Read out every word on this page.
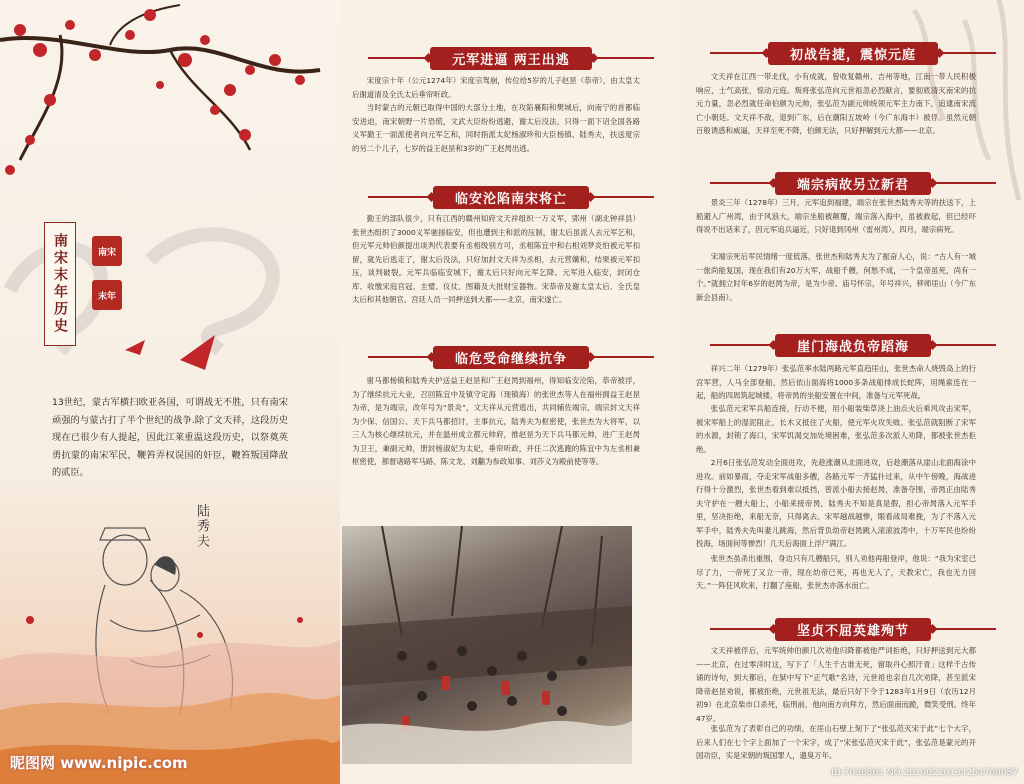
南宋末年历史	南宋
末年

13世纪，蒙古军横扫欧亚各国，可谓战无不胜，只有南宋顽强的与蒙古打了半个世纪的战争.除了文天祥，这段历史现在已很少有人提起，因此江莱重温这段历史，以祭奠英勇抗蒙的南宋军民，鞭笞弄权误国的奸臣，鞭笞叛国降敌的贰臣。

陆秀夫
昵图网 www.nipic.com
元军进逼 两王出逃

宋度宗十年（公元1274年）宋度宗驾崩，传位给5岁的儿子赵昰（恭帝），由太皇太后谢道清及全氏太后垂帘听政。

当时蒙古的元朝已取得中国的大部分土地，在攻陷襄阳和樊城后，向南宁的首都临安进迫，南宋朝野一片恐慌，文武大臣纷纷逃避，谢太后没法，只得一面下诏全国各路义军勤王一面派使者向元军乞和，同时指派太妃杨淑珍和大臣杨镇、陆秀夫，扶送度宗的另二个儿子，七岁的益王赵昰和3岁的广王赵昺出逃。

临安沦陷南宋将亡

勤王的部队很少，只有江西的赣州知府文天祥组织一万义军，郢州（湖北钟祥县）张世杰组织了3000义军驰援临安，但也遭到主和派的压制，谢太后虽派人去元军乞和，但元军元帅伯颜提出谈判代表要有丞相级别方可，丞相陈宜中和右相刘梦炎怕被元军扣留，就先后逃走了，谢太后没法，只好加封文天祥为丞相，去元营媾和，结果被元军扣压，谈判破裂。元军兵临临安城下，谢太后只好向元军乞降。元军进入临安，封闭仓库、收缴宋庭宫冠、圭璧、仪仗、图籍及大批财宝器物。宋恭帝及谢太皇太后、全氏皇太后和其他朝官、宫廷人员一同押送到大都——北京，南宋遂亡。

临危受命继续抗争

驸马都杨镇和陆秀夫护送益王赵昰和广王赵昺到福州，得知临安沦陷，恭帝被浮，为了继续抗元大业，召回陈宜中及镇守定海（现镇海）的张世杰等人在福州拥益王赵昰为帝，是为端宗，改年号为“景炎”，文天祥从元营逃出，共同辅佐端宗，端宗封文天祥为少保、信国公、天下兵马都招讨，主事抗元，陆秀夫为枢密使，张世杰为大将军，以三人为核心继续抗元，并在温州成立都元帅府，推赵昰为天下兵马都元帅，进广王赵昺为卫王，兼副元帅，册封杨淑妃为太妃，垂帘听政，并任二次逃跑的陈宜中为左丞相兼枢密使，都督诸路军马路、陈文龙、刘黼为参政知事、刘莎义为殿前使等等。

初战告捷，震惊元庭

文天祥在江西一带北伐，小有成就，曾收复赣州、吉州等地，江南一带人民积极响应，士气高张，惊动元庭。叛将张弘范向元世祖忽必烈献言，要彻底清灭南宋的抗元力量，忽必烈就任命伯颜为元帅，张弘范为副元帅统领元军主力南下，追逮南宋流亡小朝廷。文天祥不敌，退到广东，后在潮阳五坡岭（今广东海丰）被俘。虽然元朝百般诱惑和威逼，天祥至死不降，伯颜无法，只好押解到元大都——北京。

端宗病故另立新君

景炎三年（1278年）三月，元军追到福建，端宗在张世杰陆秀夫等的扶送下，上船避入广州湾，由于风浪大，端宗坐船被颠覆，端宗落入海中，虽被救起，但已经吓得说不出话来了，因元军追兵逼近，只好退到冈州（雷州湾），四月，端宗病死。

宋端宗死后军民情绪一度低落，张世杰和陆秀夫为了振奋人心，说：“古人有一城一旅尚能复国，现在我们有20万大军，战船千艘，何愁不成，一个皇帝虽死，尚有一个。”就拥立时年6岁的赵昺为帝，是为少帝。庙号怀宗，年号祥兴，移师厓山（今广东新会县南）。

崖门海战负帝蹈海

祥兴二年（1279年）张弘范率水陆两路元军直趋厓山，张世杰命人烧毁岛上的行宫军营，人马全部登船，然后依山面海将1000多条战船排成长蛇阵，用绳索连在一起，船的四周筑起城楼，将帝昺的坐船安置在中间，准备与元军死战。

张弘范元宋军兵船连接，行动不便，用小船装柴草浇上油点火后乘风攻击宋军，被宋军船上的湿泥阻止，长木又抵住了火船，使元军火攻失败。张弘范就阻断了宋军的水源，封锁了海口，宋军饥渴交加处境困难，张弘范多次派人劝降，都被张世杰拒绝。

2月6日张弘范发动全面进攻，先趁涨潮从北面进攻，后趁潮落从崖山北面海涂中进攻。前如暴雨，夺走宋军战船多艘，各路元军一齐猛扑过来，从中午傍晚，海战进行得十分激烈，张世杰看到难以抵挡，曾派小船去接赵昺，准备夺围，帝昺正由陆秀夫守护在一艘大船上，小船来接帝昺，陆秀夫不知是真是假，担心帝昺落入元军手里，坚决拒绝，来船无奈，只得离去。宋军越战越惨，眼看战局难挽，为了不落入元军手中，陆秀夫先叫妻儿跳海，然后背负幼帝赵昺跳入滚滚波涛中，十万军民也纷纷投海，场面何等惨烈！几天后海面上浮尸满江。

张世杰虽杀出重围，身边只有几艘船只，别人劝他再船登岸，他说：“我为宋室已尽了力，一帝死了又立一帝，现在幼帝已死，再也无人了，天教宋亡，我也无力回天。”一阵狂风吹来，打翻了座船，张世杰亦落水而亡。

坚贞不屈英雄殉节

文天祥被俘后，元军统帅伯颜几次劝他归降都被他严词拒绝，只好押送到元大都——北京，在过零洋时这，写下了「人生千古谁无死，留取丹心照汗青」这样千古传诵的诗句，到大都后，在狱中写下“正气歌”名诗，元世祖也亲自几次劝降，甚至派宋降帝赵昰劝说，都被拒绝，元世祖无法，最后只好下令于1283年1月9日（农历12月初9）在北京柴市口杀死，临刑前，他向南方向拜方，然后面南而跪，微笑受刑。终年47岁。

张弘范为了表彰自己的功绩，在厓山石壁上刻下了“张弘范灭宋于此”七个大字，后来人们在七个字上面加了一个宋字，成了“宋张弘范灭宋于此”，张弘范是蒙元的开国功臣，实是宋朝的叛国罪人，遗臭万年。

ID:7036561 NO:20190220134254700087
